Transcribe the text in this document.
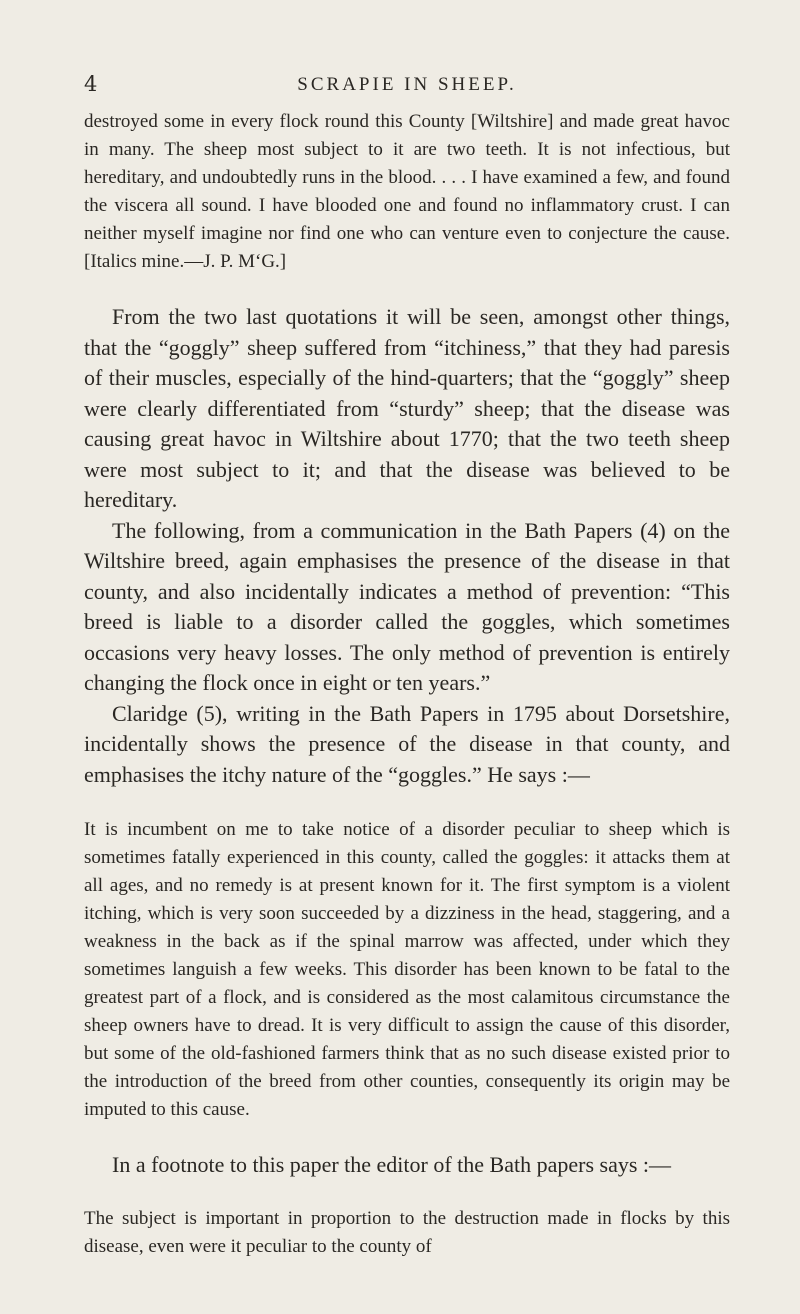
4	SCRAPIE IN SHEEP.

destroyed some in every flock round this County [Wiltshire] and made great havoc in many. The sheep most subject to it are two teeth. It is not infectious, but hereditary, and undoubtedly runs in the blood. . . . I have examined a few, and found the viscera all sound. I have blooded one and found no inflammatory crust. I can neither myself imagine nor find one who can venture even to conjecture the cause. [Italics mine.—J. P. M‘G.]

From the two last quotations it will be seen, amongst other things, that the “goggly” sheep suffered from “itchiness,” that they had paresis of their muscles, especially of the hind-quarters; that the “goggly” sheep were clearly differentiated from “sturdy” sheep; that the disease was causing great havoc in Wiltshire about 1770; that the two teeth sheep were most subject to it; and that the disease was believed to be hereditary.

The following, from a communication in the Bath Papers (4) on the Wiltshire breed, again emphasises the presence of the disease in that county, and also incidentally indicates a method of prevention: “This breed is liable to a disorder called the goggles, which sometimes occasions very heavy losses. The only method of prevention is entirely changing the flock once in eight or ten years.”

Claridge (5), writing in the Bath Papers in 1795 about Dorsetshire, incidentally shows the presence of the disease in that county, and emphasises the itchy nature of the “goggles.” He says :—

It is incumbent on me to take notice of a disorder peculiar to sheep which is sometimes fatally experienced in this county, called the goggles: it attacks them at all ages, and no remedy is at present known for it. The first symptom is a violent itching, which is very soon succeeded by a dizziness in the head, staggering, and a weakness in the back as if the spinal marrow was affected, under which they sometimes languish a few weeks. This disorder has been known to be fatal to the greatest part of a flock, and is considered as the most calamitous circumstance the sheep owners have to dread. It is very difficult to assign the cause of this disorder, but some of the old-fashioned farmers think that as no such disease existed prior to the introduction of the breed from other counties, consequently its origin may be imputed to this cause.

In a footnote to this paper the editor of the Bath papers says :—

The subject is important in proportion to the destruction made in flocks by this disease, even were it peculiar to the county of
